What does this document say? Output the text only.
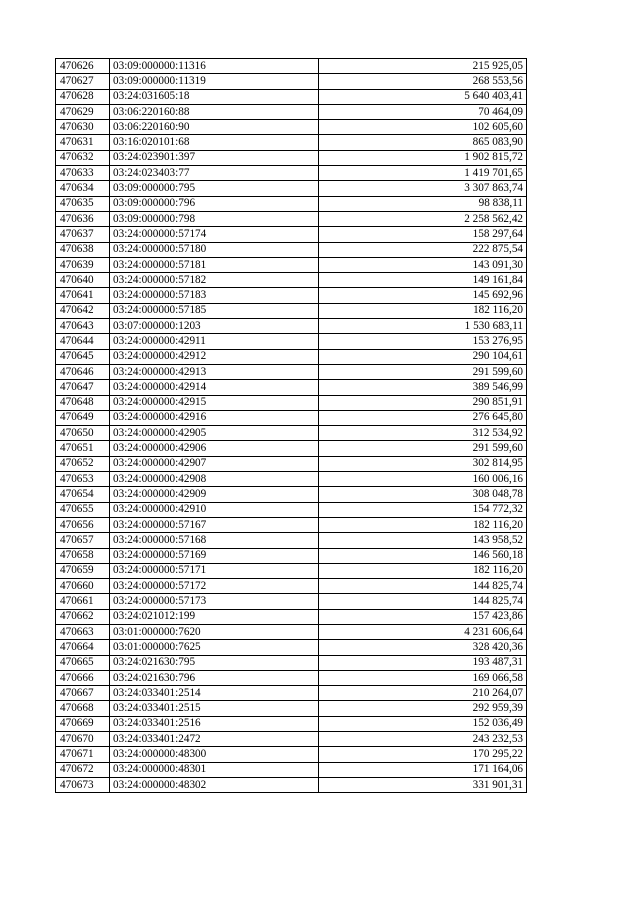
470626	03:09:000000:11316	215 925,05
470627	03:09:000000:11319	268 553,56
470628	03:24:031605:18	5 640 403,41
470629	03:06:220160:88	70 464,09
470630	03:06:220160:90	102 605,60
470631	03:16:020101:68	865 083,90
470632	03:24:023901:397	1 902 815,72
470633	03:24:023403:77	1 419 701,65
470634	03:09:000000:795	3 307 863,74
470635	03:09:000000:796	98 838,11
470636	03:09:000000:798	2 258 562,42
470637	03:24:000000:57174	158 297,64
470638	03:24:000000:57180	222 875,54
470639	03:24:000000:57181	143 091,30
470640	03:24:000000:57182	149 161,84
470641	03:24:000000:57183	145 692,96
470642	03:24:000000:57185	182 116,20
470643	03:07:000000:1203	1 530 683,11
470644	03:24:000000:42911	153 276,95
470645	03:24:000000:42912	290 104,61
470646	03:24:000000:42913	291 599,60
470647	03:24:000000:42914	389 546,99
470648	03:24:000000:42915	290 851,91
470649	03:24:000000:42916	276 645,80
470650	03:24:000000:42905	312 534,92
470651	03:24:000000:42906	291 599,60
470652	03:24:000000:42907	302 814,95
470653	03:24:000000:42908	160 006,16
470654	03:24:000000:42909	308 048,78
470655	03:24:000000:42910	154 772,32
470656	03:24:000000:57167	182 116,20
470657	03:24:000000:57168	143 958,52
470658	03:24:000000:57169	146 560,18
470659	03:24:000000:57171	182 116,20
470660	03:24:000000:57172	144 825,74
470661	03:24:000000:57173	144 825,74
470662	03:24:021012:199	157 423,86
470663	03:01:000000:7620	4 231 606,64
470664	03:01:000000:7625	328 420,36
470665	03:24:021630:795	193 487,31
470666	03:24:021630:796	169 066,58
470667	03:24:033401:2514	210 264,07
470668	03:24:033401:2515	292 959,39
470669	03:24:033401:2516	152 036,49
470670	03:24:033401:2472	243 232,53
470671	03:24:000000:48300	170 295,22
470672	03:24:000000:48301	171 164,06
470673	03:24:000000:48302	331 901,31
